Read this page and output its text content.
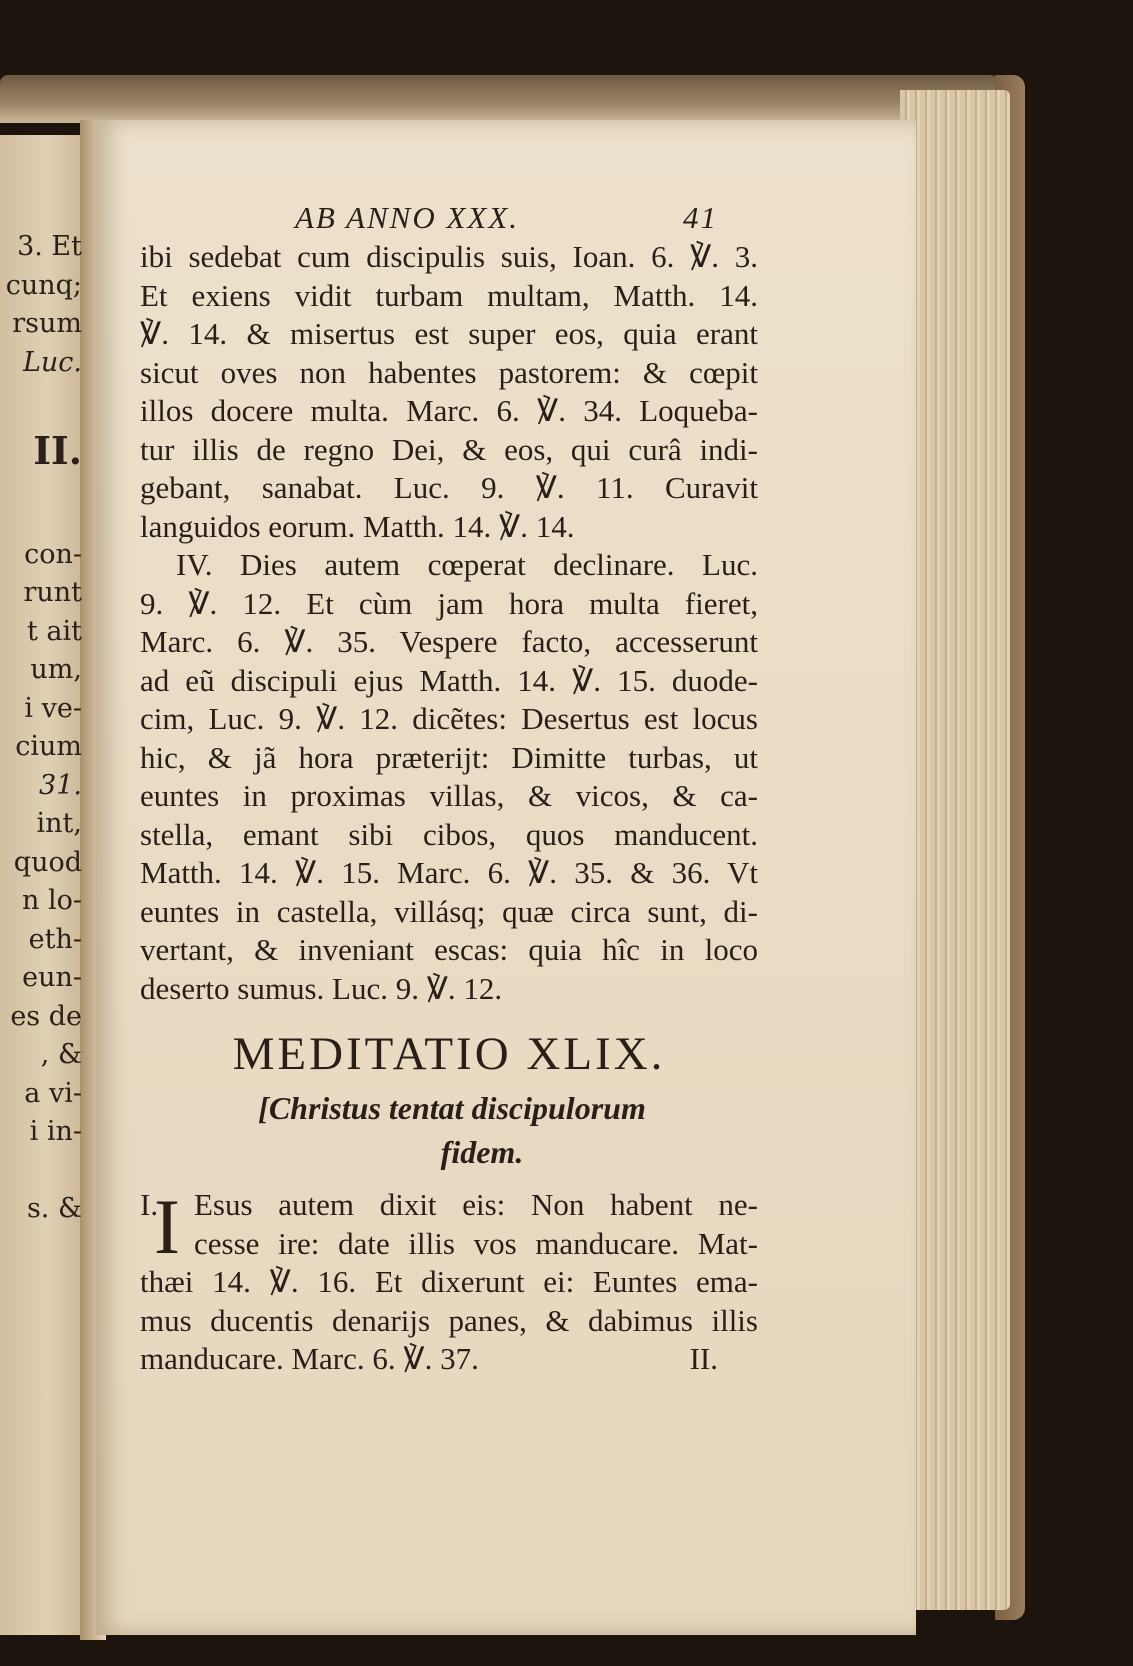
3. Et
cunq;
rsum
Luc.
II.
con-
runt
t ait
um,
i ve-
cium
31.
int,
quod
n lo-
eth-
eun-
es de
, &
a vi-
i in-
s. &
AB ANNO XXX.	41
ibi sedebat cum discipulis suis, Ioan. 6. ℣. 3.
Et exiens vidit turbam multam, Matth. 14.
℣. 14. & misertus est super eos, quia erant
sicut oves non habentes pastorem: & cœpit
illos docere multa. Marc. 6. ℣. 34. Loqueba-
tur illis de regno Dei, & eos, qui curâ indi-
gebant, sanabat. Luc. 9. ℣. 11. Curavit
languidos eorum. Matth. 14. ℣. 14.
IV. Dies autem cœperat declinare. Luc.
9. ℣. 12. Et cùm jam hora multa fieret,
Marc. 6. ℣. 35. Vespere facto, accesserunt
ad eũ discipuli ejus Matth. 14. ℣. 15. duode-
cim, Luc. 9. ℣. 12. dicẽtes: Desertus est locus
hic, & jã hora præterijt: Dimitte turbas, ut
euntes in proximas villas, & vicos, & ca-
stella, emant sibi cibos, quos manducent.
Matth. 14. ℣. 15. Marc. 6. ℣. 35. & 36. Vt
euntes in castella, villásq; quæ circa sunt, di-
vertant, & inveniant escas: quia hîc in loco
deserto sumus. Luc. 9. ℣. 12.
MEDITATIO XLIX.
[Christus tentat discipulorum
fidem.
I
I.	Esus autem dixit eis: Non habent ne-
cesse ire: date illis vos manducare. Mat-
thæi 14. ℣. 16. Et dixerunt ei: Euntes ema-
mus ducentis denarijs panes, & dabimus illis
manducare. Marc. 6. ℣. 37.	II.
